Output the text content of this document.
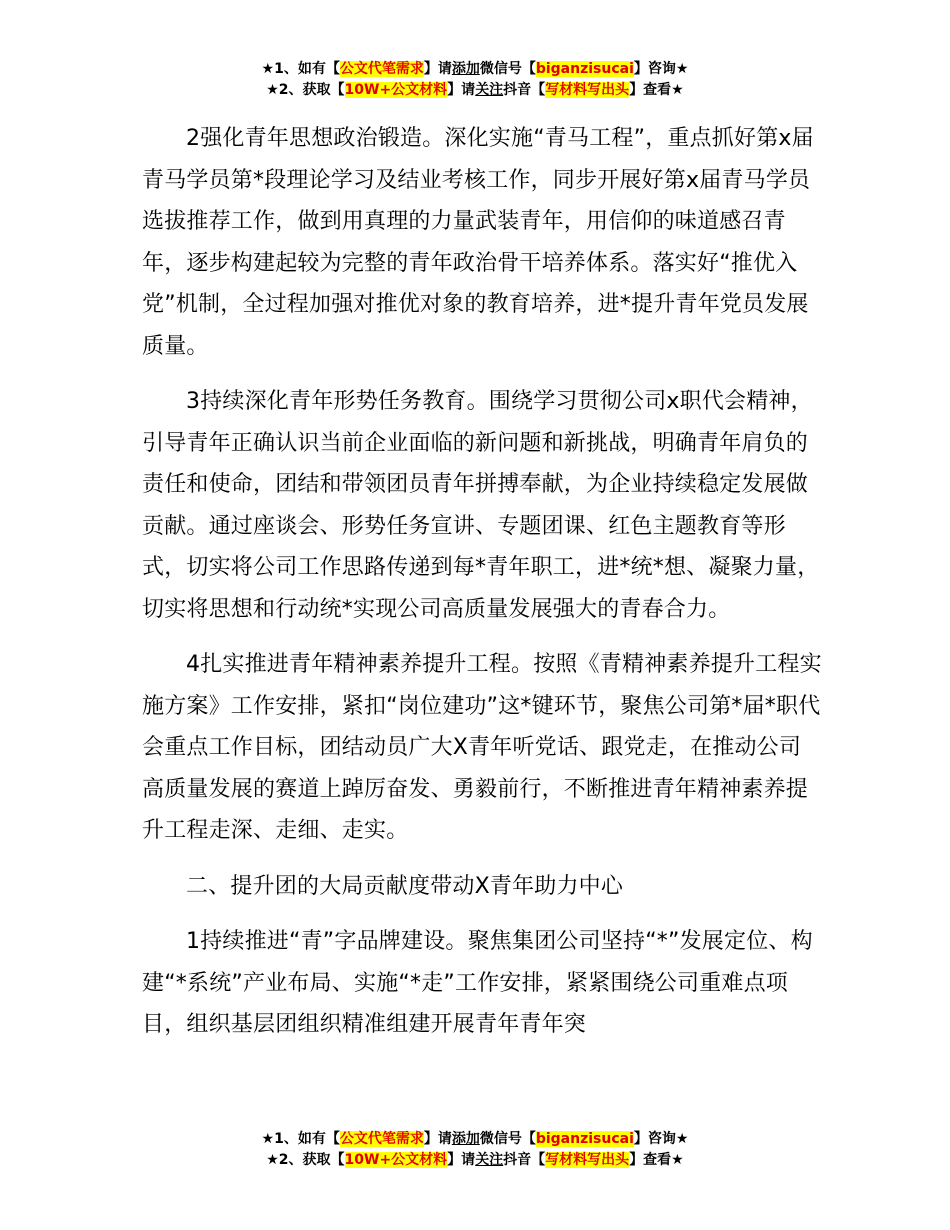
★1、如有【公文代笔需求】请添加微信号【biganzisucai】咨询★
★2、获取【10W+公文材料】请关注抖音【写材料写出头】查看★

2强化青年思想政治锻造。深化实施“青马工程”，重点抓好第x届青马学员第*段理论学习及结业考核工作，同步开展好第x届青马学员选拔推荐工作，做到用真理的力量武装青年，用信仰的味道感召青年，逐步构建起较为完整的青年政治骨干培养体系。落实好“推优入党”机制，全过程加强对推优对象的教育培养，进*提升青年党员发展质量。

3持续深化青年形势任务教育。围绕学习贯彻公司x职代会精神，引导青年正确认识当前企业面临的新问题和新挑战，明确青年肩负的责任和使命，团结和带领团员青年拼搏奉献，为企业持续稳定发展做贡献。通过座谈会、形势任务宣讲、专题团课、红色主题教育等形式，切实将公司工作思路传递到每*青年职工，进*统*想、凝聚力量，切实将思想和行动统*实现公司高质量发展强大的青春合力。

4扎实推进青年精神素养提升工程。按照《青精神素养提升工程实施方案》工作安排，紧扣“岗位建功”这*键环节，聚焦公司第*届*职代会重点工作目标，团结动员广大X青年听党话、跟党走，在推动公司高质量发展的赛道上踔厉奋发、勇毅前行，不断推进青年精神素养提升工程走深、走细、走实。

二、提升团的大局贡献度带动X青年助力中心

1持续推进“青”字品牌建设。聚焦集团公司坚持“*”发展定位、构建“*系统”产业布局、实施“*走”工作安排，紧紧围绕公司重难点项目，组织基层团组织精准组建开展青年青年突

★1、如有【公文代笔需求】请添加微信号【biganzisucai】咨询★
★2、获取【10W+公文材料】请关注抖音【写材料写出头】查看★
